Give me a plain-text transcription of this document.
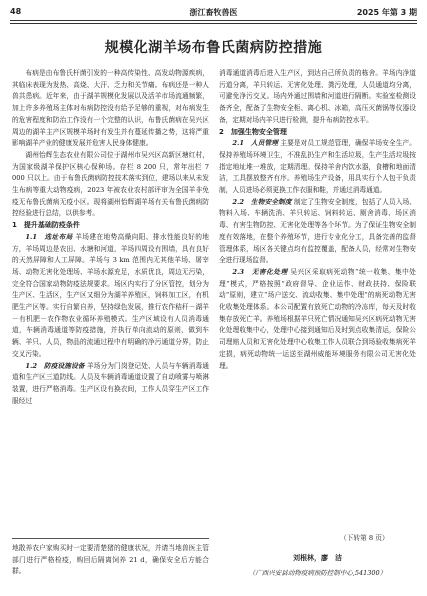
48	浙江畜牧兽医	2025 年第 3 期
规模化湖羊场布鲁氏菌病防控措施

布病是由布鲁氏杆菌引发的一种高传染性、高发动物源疾病，其临床表现为发热、高烧、大汗、乏力和关节痛。布病还是一种人兽共患病。近年来，由于湖羊规模化发展以及活羊市场流通频繁，加上许多养殖场主体对布病防控没有给予足够的重视，对布病发生的危害程度和防治工作没有一个完整的认识，布鲁氏菌病在吴兴区周边的湖羊主产区规模羊场时有发生并有蔓延传播之势，这将严重影响湖羊产业的健康发展并危害人民身体健康。

湖州怡辉生态农业有限公司位于湖州市吴兴区高新区塘红村，为国家级湖羊保护区核心保种场。存栏 8 200 只，常年出栏 7 000 只以上。由于布鲁氏菌病防控技术落实到位，建场以来从未发生布病等重大动物疫病，2023 年被农业农村部评审为全国羊非免疫无布鲁氏菌病无疫小区。现将湖州怡辉湖羊场有关布鲁氏菌病防控经验进行总结，以供参考。

1　提升基础防疫条件

1.1　选址布局 羊场建在地势高燥向阳、排水性能良好的地方，羊场周边是农田、水塘和河道，羊场四周设有围墙，具有良好的天然屏障和人工屏障。羊场与 3 km 范围内无其他羊场、屠宰场、动物无害化处理场、羊场水源充足，水质优良，周边无污染，完全符合国家动物防疫法规要求。场区内实行了分区管控，划分为生产区、生活区，生产区又细分为湖羊养殖区，饲料加工区，有机肥生产区等。实行自繁自养，坚持绿色发展，推行农作秸秆－湖羊－有机肥－农作物农业循环养殖模式。生产区域设有人员消毒通道，车辆消毒通道等防疫措施，并执行单向流动的原则，做到车辆、羊只、人员，物品的流通过程中有明确的净污通道分界，防止交叉污染。

1.2　防疫设施设备 羊场分为门岗登记处、人员与车辆消毒通道和生产区三道防线。人员及车辆消毒通道设置了自动喷雾与喷淋装置，进行严格消毒。生产区设有换衣间，工作人员穿生产区工作服经过

消毒通道消毒后进入生产区，到达自己所负责的栋舍。羊场内净道污道分离，羊只转运、无害化处理、粪污处理，人员通道均分离，可避免净污交叉。场内外通过围墙和河道进行隔断。实验室检测设备齐全，配备了生物安全柜、离心机、冰箱，高压灭菌锅等仪器设备，定期对场内羊只进行检测，提升布病防控水平。

2　加强生物安全管理

2.1　人员管理 主要是对员工规范管理，确保羊场安全生产。保持养殖场环境卫生，不准乱扔生产和生活垃圾，生产生活垃圾按指定地址堆一堆放，定期清理。保持羊舍内饮水器，食槽和地面清洁，工具摆放整齐有序。养殖场生产设备，用具实行个人包干负责制，人员进场必须更换工作衣服和鞋，并通过消毒通道。

2.2　生物安全制度 制定了生物安全制度，包括了人员入场、物料入场、车辆洗消、羊只转运、饲料转运、厕舍消毒、场区消毒、有害生物防控、无害化处理等各个环节。为了保证生物安全制度有效落地，在整个养殖环节，进行专业化分工，具备完善的监督管理体系，场区各关键点均有监控覆盖，配备人员，经常对生物安全进行现场监督。

2.3　无害化处理 吴兴区采取病死动物“统一收集、集中处理”模式，严格按照“政府督导、企业运作、财政扶持、保险联动”原则，建立“场户送交、流动收集、集中处理”的病死动物无害化收集处理体系。本公司配置有放死亡动物的冷冻库，每天及时收集存放死亡羊。养殖场根据羊只死亡情况通知吴兴区病死动物无害化处理收集中心，处理中心接到通知后及时到点收集清运，保险公司理赔人员和无害化处理中心收集工作人员联合到场验收集病死羊定损，病死动物统一运送至湖州威能环境服务有限公司无害化处理。

（下转第 8 页）

地散养农户家购买时一定要清楚猪的健康状况，并请当地兽医主管部门进行严格检疫，购回后隔离饲养 21 d，确保安全后方能合群。

刘根林，廖　洁
（广西兴安县动物疫病预防控制中心,541300）
